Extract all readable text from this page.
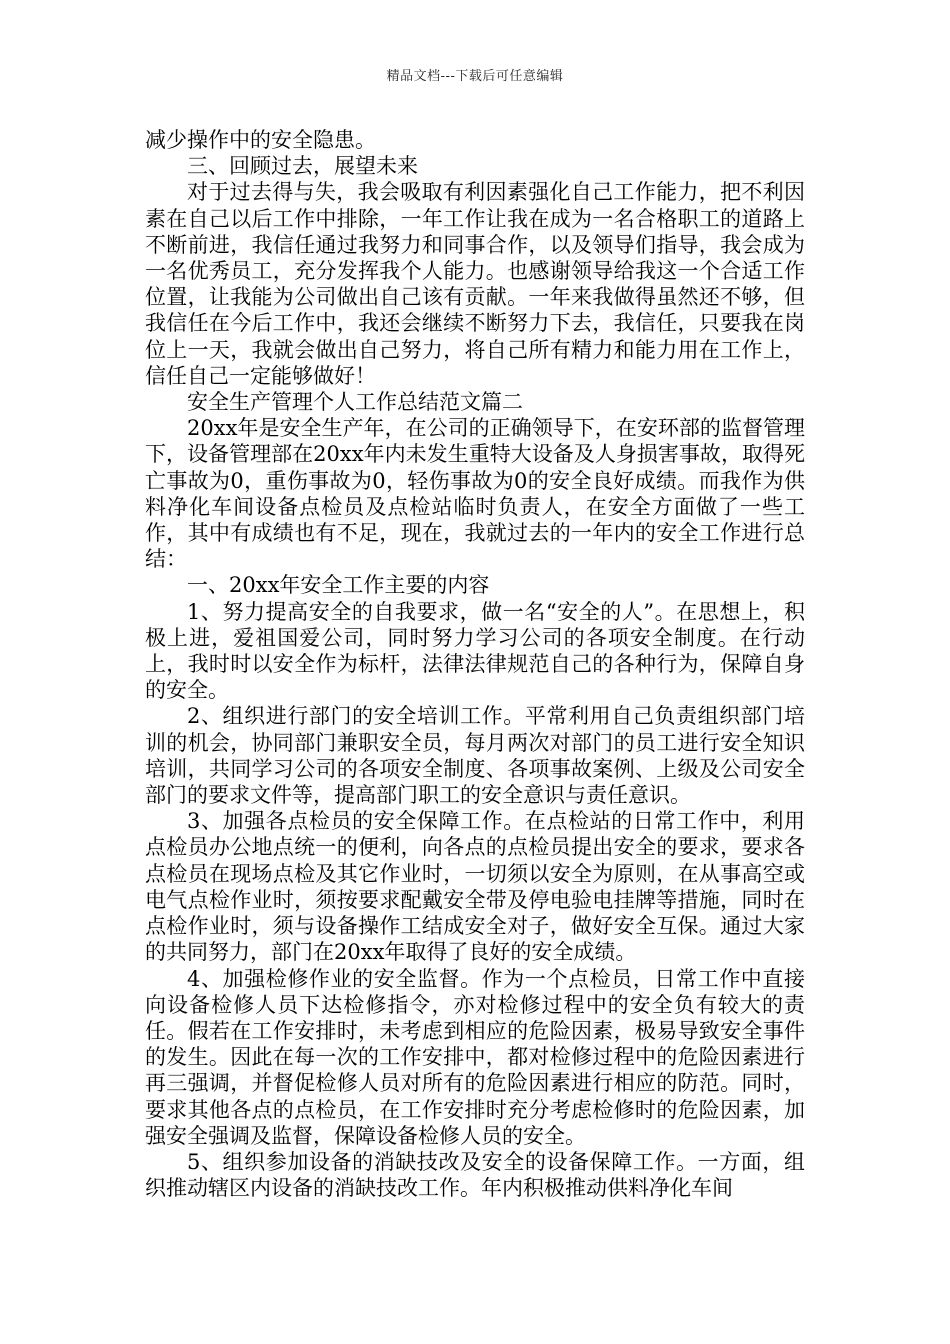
精品文档---下载后可任意编辑

减少操作中的安全隐患。

三、回顾过去，展望未来

对于过去得与失，我会吸取有利因素强化自己工作能力，把不利因素在自己以后工作中排除，一年工作让我在成为一名合格职工的道路上不断前进，我信任通过我努力和同事合作，以及领导们指导，我会成为一名优秀员工，充分发挥我个人能力。也感谢领导给我这一个合适工作位置，让我能为公司做出自己该有贡献。一年来我做得虽然还不够，但我信任在今后工作中，我还会继续不断努力下去，我信任，只要我在岗位上一天，我就会做出自己努力，将自己所有精力和能力用在工作上，信任自己一定能够做好！

安全生产管理个人工作总结范文篇二

20xx年是安全生产年，在公司的正确领导下，在安环部的监督管理下，设备管理部在20xx年内未发生重特大设备及人身损害事故，取得死亡事故为0，重伤事故为0，轻伤事故为0的安全良好成绩。而我作为供料净化车间设备点检员及点检站临时负责人，在安全方面做了一些工作，其中有成绩也有不足，现在，我就过去的一年内的安全工作进行总结：

一、20xx年安全工作主要的内容

1、努力提高安全的自我要求，做一名“安全的人”。在思想上，积极上进，爱祖国爱公司，同时努力学习公司的各项安全制度。在行动上，我时时以安全作为标杆，法律法律规范自己的各种行为，保障自身的安全。

2、组织进行部门的安全培训工作。平常利用自己负责组织部门培训的机会，协同部门兼职安全员，每月两次对部门的员工进行安全知识培训，共同学习公司的各项安全制度、各项事故案例、上级及公司安全部门的要求文件等，提高部门职工的安全意识与责任意识。

3、加强各点检员的安全保障工作。在点检站的日常工作中，利用点检员办公地点统一的便利，向各点的点检员提出安全的要求，要求各点检员在现场点检及其它作业时，一切须以安全为原则，在从事高空或电气点检作业时，须按要求配戴安全带及停电验电挂牌等措施，同时在点检作业时，须与设备操作工结成安全对子，做好安全互保。通过大家的共同努力，部门在20xx年取得了良好的安全成绩。

4、加强检修作业的安全监督。作为一个点检员，日常工作中直接向设备检修人员下达检修指令，亦对检修过程中的安全负有较大的责任。假若在工作安排时，未考虑到相应的危险因素，极易导致安全事件的发生。因此在每一次的工作安排中，都对检修过程中的危险因素进行再三强调，并督促检修人员对所有的危险因素进行相应的防范。同时，要求其他各点的点检员，在工作安排时充分考虑检修时的危险因素，加强安全强调及监督，保障设备检修人员的安全。

5、组织参加设备的消缺技改及安全的设备保障工作。一方面，组织推动辖区内设备的消缺技改工作。年内积极推动供料净化车间
